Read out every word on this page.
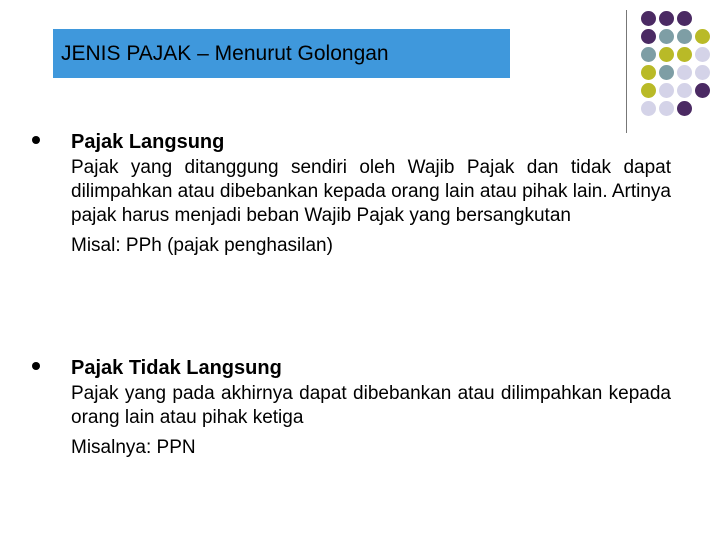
JENIS PAJAK – Menurut Golongan
Pajak Langsung
Pajak yang ditanggung sendiri oleh Wajib Pajak dan tidak dapat dilimpahkan atau dibebankan kepada orang lain atau pihak lain. Artinya pajak harus menjadi beban Wajib Pajak yang bersangkutan
Misal: PPh (pajak penghasilan)
Pajak Tidak Langsung
Pajak yang pada akhirnya dapat dibebankan atau dilimpahkan kepada orang lain atau pihak ketiga
Misalnya: PPN
